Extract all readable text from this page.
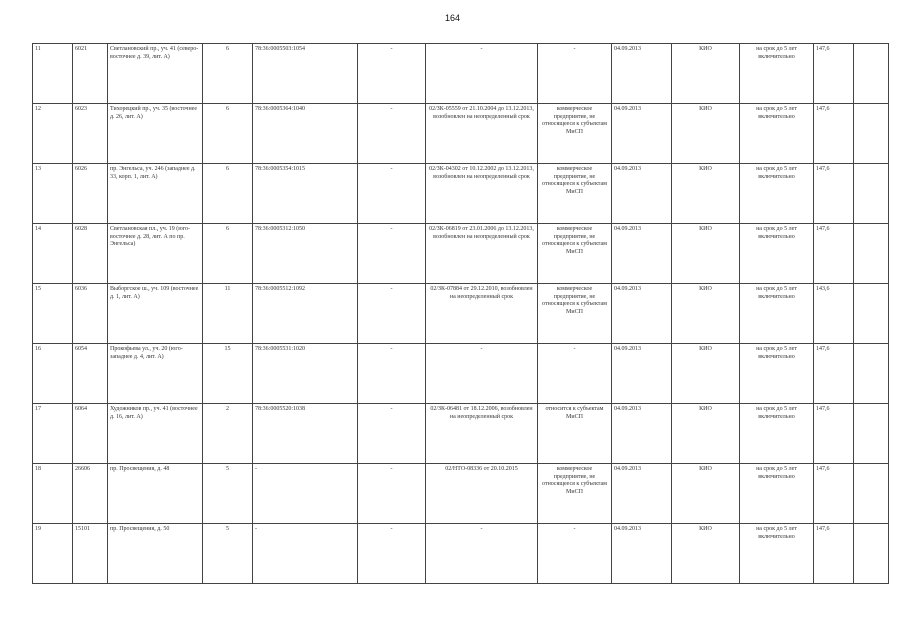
164
11	6021	Светлановский пр., уч. 41 (северо-восточнее д. 39, лит. А)	6	78:36:0005503:1054	-	-	-	04.09.2013	КИО	на срок до 5 лет включительно	147,6	
12	6023	Тихорецкий пр., уч. 35 (восточнее д. 26, лит. А)	6	78:36:0005364:1040	-	02/ЗК-05559 от 21.10.2004 до 13.12.2013, возобновлен на неопределенный срок	коммерческое предприятие, не относящееся к субъектам МиСП	04.09.2013	КИО	на срок до 5 лет включительно	147,6	
13	6026	пр. Энгельса, уч. 246 (западнее д. 33, корп. 1, лит. А)	6	78:36:0005354:1015	-	02/ЗК-04302 от 10.12.2002 до 13.12.2013, возобновлен на неопределенный срок	коммерческое предприятие, не относящееся к субъектам МиСП	04.09.2013	КИО	на срок до 5 лет включительно	147,6	
14	6028	Светлановская пл., уч. 19 (юго-восточнее д. 28, лит. А по пр. Энгельса)	6	78:36:0005312:1050	-	02/ЗК-06819 от 23.01.2006 до 13.12.2013, возобновлен на неопределенный срок	коммерческое предприятие, не относящееся к субъектам МиСП	04.09.2013	КИО	на срок до 5 лет включительно	147,6	
15	6036	Выборгское ш., уч. 109 (восточнее д. 1, лит. А)	11	78:36:0005512:1092	-	02/ЗК-07884 от 29.12.2010, возобновлен на неопределенный срок	коммерческое предприятие, не относящееся к субъектам МиСП	04.09.2013	КИО	на срок до 5 лет включительно	143,6	
16	6054	Прокофьева ул., уч. 20 (юго-западнее д. 4, лит. А)	15	78:36:0005531:1020	-	-	-	04.09.2013	КИО	на срок до 5 лет включительно	147,6	
17	6064	Художников пр., уч. 41 (восточнее д. 16, лит. А)	2	78:36:0005520:1038	-	02/ЗК-06481 от 18.12.2006, возобновлен на неопределенный срок	относится к субъектам МиСП	04.09.2013	КИО	на срок до 5 лет включительно	147,6	
18	26606	пр. Просвещения, д. 48	5	-	-	02/НТО-08336 от 20.10.2015	коммерческое предприятие, не относящееся к субъектам МиСП	04.09.2013	КИО	на срок до 5 лет включительно	147,6	
19	15101	пр. Просвещения, д. 50	5	-	-	-	-	04.09.2013	КИО	на срок до 5 лет включительно	147,6	
